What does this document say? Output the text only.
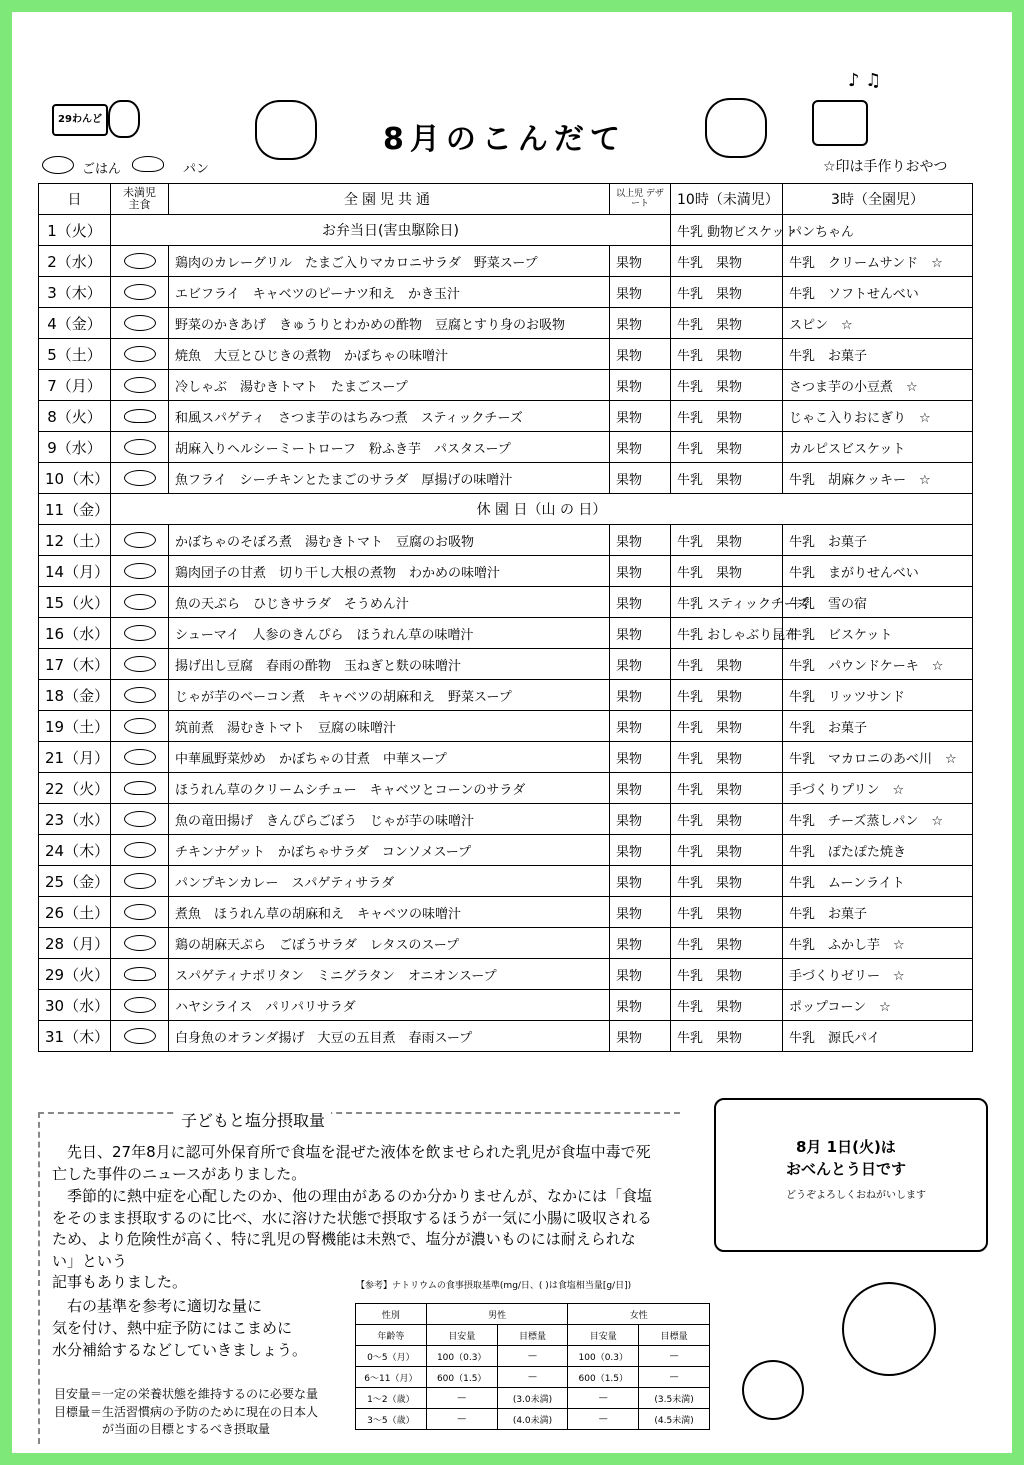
29わんど
♪ ♫
8月のこんだて
ごはん	パン	☆印は手作りおやつ
日	未満児 主食	全園児共通	以上児 デザート	10時（未満児）	3時（全園児）
1（火）	お弁当日(害虫駆除日)			牛乳 動物ビスケット	パンちゃん
2（水）		鶏肉のカレーグリル　たまご入りマカロニサラダ　野菜スープ	果物	牛乳　果物	牛乳　クリームサンド　☆
3（木）		エビフライ　キャベツのピーナツ和え　かき玉汁	果物	牛乳　果物	牛乳　ソフトせんべい
4（金）		野菜のかきあげ　きゅうりとわかめの酢物　豆腐とすり身のお吸物	果物	牛乳　果物	スピン　☆
5（土）		焼魚　大豆とひじきの煮物　かぼちゃの味噌汁	果物	牛乳　果物	牛乳　お菓子
7（月）		冷しゃぶ　湯むきトマト　たまごスープ	果物	牛乳　果物	さつま芋の小豆煮　☆
8（火）		和風スパゲティ　さつま芋のはちみつ煮　スティックチーズ	果物	牛乳　果物	じゃこ入りおにぎり　☆
9（水）		胡麻入りヘルシーミートローフ　粉ふき芋　パスタスープ	果物	牛乳　果物	カルピスビスケット
10（木）		魚フライ　シーチキンとたまごのサラダ　厚揚げの味噌汁	果物	牛乳　果物	牛乳　胡麻クッキー　☆
11（金）	休 園 日（山 の 日）				
12（土）		かぼちゃのそぼろ煮　湯むきトマト　豆腐のお吸物	果物	牛乳　果物	牛乳　お菓子
14（月）		鶏肉団子の甘煮　切り干し大根の煮物　わかめの味噌汁	果物	牛乳　果物	牛乳　まがりせんべい
15（火）		魚の天ぷら　ひじきサラダ　そうめん汁	果物	牛乳 スティックチーズ	牛乳　雪の宿
16（水）		シューマイ　人参のきんぴら　ほうれん草の味噌汁	果物	牛乳 おしゃぶり昆布	牛乳　ビスケット
17（木）		揚げ出し豆腐　春雨の酢物　玉ねぎと麩の味噌汁	果物	牛乳　果物	牛乳　パウンドケーキ　☆
18（金）		じゃが芋のベーコン煮　キャベツの胡麻和え　野菜スープ	果物	牛乳　果物	牛乳　リッツサンド
19（土）		筑前煮　湯むきトマト　豆腐の味噌汁	果物	牛乳　果物	牛乳　お菓子
21（月）		中華風野菜炒め　かぼちゃの甘煮　中華スープ	果物	牛乳　果物	牛乳　マカロニのあべ川　☆
22（火）		ほうれん草のクリームシチュー　キャベツとコーンのサラダ	果物	牛乳　果物	手づくりプリン　☆
23（水）		魚の竜田揚げ　きんぴらごぼう　じゃが芋の味噌汁	果物	牛乳　果物	牛乳　チーズ蒸しパン　☆
24（木）		チキンナゲット　かぼちゃサラダ　コンソメスープ	果物	牛乳　果物	牛乳　ぽたぽた焼き
25（金）		パンプキンカレー　スパゲティサラダ	果物	牛乳　果物	牛乳　ムーンライト
26（土）		煮魚　ほうれん草の胡麻和え　キャベツの味噌汁	果物	牛乳　果物	牛乳　お菓子
28（月）		鶏の胡麻天ぷら　ごぼうサラダ　レタスのスープ	果物	牛乳　果物	牛乳　ふかし芋　☆
29（火）		スパゲティナポリタン　ミニグラタン　オニオンスープ	果物	牛乳　果物	手づくりゼリー　☆
30（水）		ハヤシライス　パリパリサラダ	果物	牛乳　果物	ポップコーン　☆
31（木）		白身魚のオランダ揚げ　大豆の五目煮　春雨スープ	果物	牛乳　果物	牛乳　源氏パイ
子どもと塩分摂取量
　先日、27年8月に認可外保育所で食塩を混ぜた液体を飲ませられた乳児が食塩中毒で死亡した事件のニュースがありました。
　季節的に熱中症を心配したのか、他の理由があるのか分かりませんが、なかには「食塩をそのまま摂取するのに比べ、水に溶けた状態で摂取するほうが一気に小腸に吸収されるため、より危険性が高く、特に乳児の腎機能は未熟で、塩分が濃いものには耐えられない」という
記事もありました。
　右の基準を参考に適切な量に
気を付け、熱中症予防にはこまめに
水分補給するなどしていきましょう。
目安量＝一定の栄養状態を維持するのに必要な量
目標量＝生活習慣病の予防のために現在の日本人
　　　　が当面の目標とするべき摂取量
【参考】ナトリウムの食事摂取基準(mg/日、( )は食塩相当量[g/日])
性別	男性		女性	
年齢等	目安量	目標量	目安量	目標量
0～5（月）	100（0.3）	—	100（0.3）	—
6～11（月）	600（1.5）	—	600（1.5）	—
1～2（歳）	—	(3.0未満)	—	(3.5未満)
3～5（歳）	—	(4.0未満)	—	(4.5未満)
8月 1日(火)は
おべんとう日です
どうぞよろしくおねがいします
